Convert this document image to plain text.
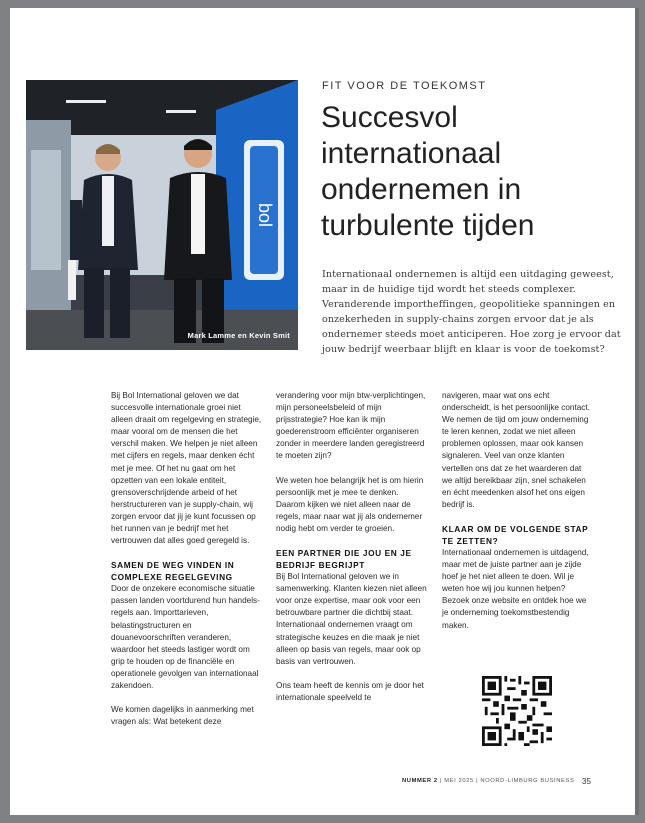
bol
Mark Lamme en Kevin Smit
FIT VOOR DE TOEKOMST
Succesvol internationaal ondernemen in turbulente tijden
Internationaal ondernemen is altijd een uitdaging geweest, maar in de huidige tijd wordt het steeds complexer. Veranderende importheffingen, geopolitieke spanningen en onzekerheden in supply-chains zorgen ervoor dat je als ondernemer steeds moet anticiperen. Hoe zorg je ervoor dat jouw bedrijf weerbaar blijft en klaar is voor de toekomst?

Bij Bol International geloven we dat succesvolle internationale groei niet alleen draait om regelgeving en strategie, maar vooral om de mensen die het verschil maken. We helpen je niet alleen met cijfers en regels, maar denken écht met je mee. Of het nu gaat om het opzetten van een lokale entiteit, grensoverschrijdende arbeid of het herstructureren van je supply-chain, wij zorgen ervoor dat jij je kunt focussen op het runnen van je bedrijf met het vertrouwen dat alles goed geregeld is.

SAMEN DE WEG VINDEN IN COMPLEXE REGELGEVING

Door de onzekere economische situatie passen landen voortdurend hun handels-regels aan. Importtarieven, belastingstructuren en douanevoorschriften veranderen, waardoor het steeds lastiger wordt om grip te houden op de financiële en operationele gevolgen van internationaal zakendoen.

We komen dagelijks in aanmerking met vragen als: Wat betekent deze

verandering voor mijn btw-verplichtingen, mijn personeelsbeleid of mijn prijsstrategie? Hoe kan ik mijn goederenstroom efficiënter organiseren zonder in meerdere landen geregistreerd te moeten zijn?

We weten hoe belangrijk het is om hierin persoonlijk met je mee te denken. Daarom kijken we niet alleen naar de regels, maar naar wat jij als ondernemer nodig hebt om verder te groeien.

EEN PARTNER DIE JOU EN JE BEDRIJF BEGRIJPT

Bij Bol International geloven we in samenwerking. Klanten kiezen niet alleen voor onze expertise, maar ook voor een betrouwbare partner die dichtbij staat. Internationaal ondernemen vraagt om strategische keuzes en die maak je niet alleen op basis van regels, maar ook op basis van vertrouwen.

Ons team heeft de kennis om je door het internationale speelveld te

navigeren, maar wat ons echt onderscheidt, is het persoonlijke contact. We nemen de tijd om jouw onderneming te leren kennen, zodat we niet alleen problemen oplossen, maar ook kansen signaleren. Veel van onze klanten vertellen ons dat ze het waarderen dat we altijd bereikbaar zijn, snel schakelen en écht meedenken alsof het ons eigen bedrijf is.

KLAAR OM DE VOLGENDE STAP TE ZETTEN?

Internationaal ondernemen is uitdagend, maar met de juiste partner aan je zijde hoef je het niet alleen te doen. Wil je weten hoe wij jou kunnen helpen? Bezoek onze website en ontdek hoe we je onderneming toekomstbestendig maken.

NUMMER 2 | MEI 2025 | NOORD-LIMBURG BUSINESS 35
